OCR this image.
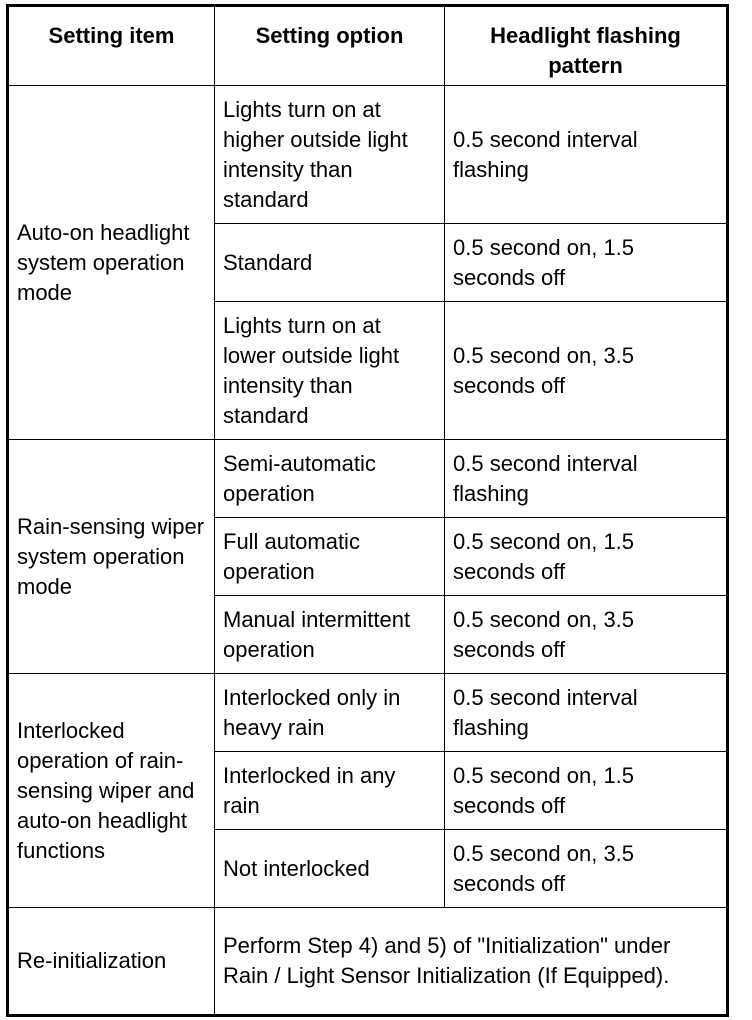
Setting item	Setting option	Headlight flashing pattern
Auto-on headlight system operation mode	Lights turn on at higher outside light intensity than standard	0.5 second interval flashing
	Standard	0.5 second on, 1.5 seconds off
	Lights turn on at lower outside light intensity than standard	0.5 second on, 3.5 seconds off
Rain-sensing wiper system operation mode	Semi-automatic operation	0.5 second interval flashing
	Full automatic operation	0.5 second on, 1.5 seconds off
	Manual intermittent operation	0.5 second on, 3.5 seconds off
Interlocked operation of rain-sensing wiper and auto-on headlight functions	Interlocked only in heavy rain	0.5 second interval flashing
	Interlocked in any rain	0.5 second on, 1.5 seconds off
	Not interlocked	0.5 second on, 3.5 seconds off
Re-initialization	Perform Step 4) and 5) of "Initialization" under Rain / Light Sensor Initialization (If Equipped).	
